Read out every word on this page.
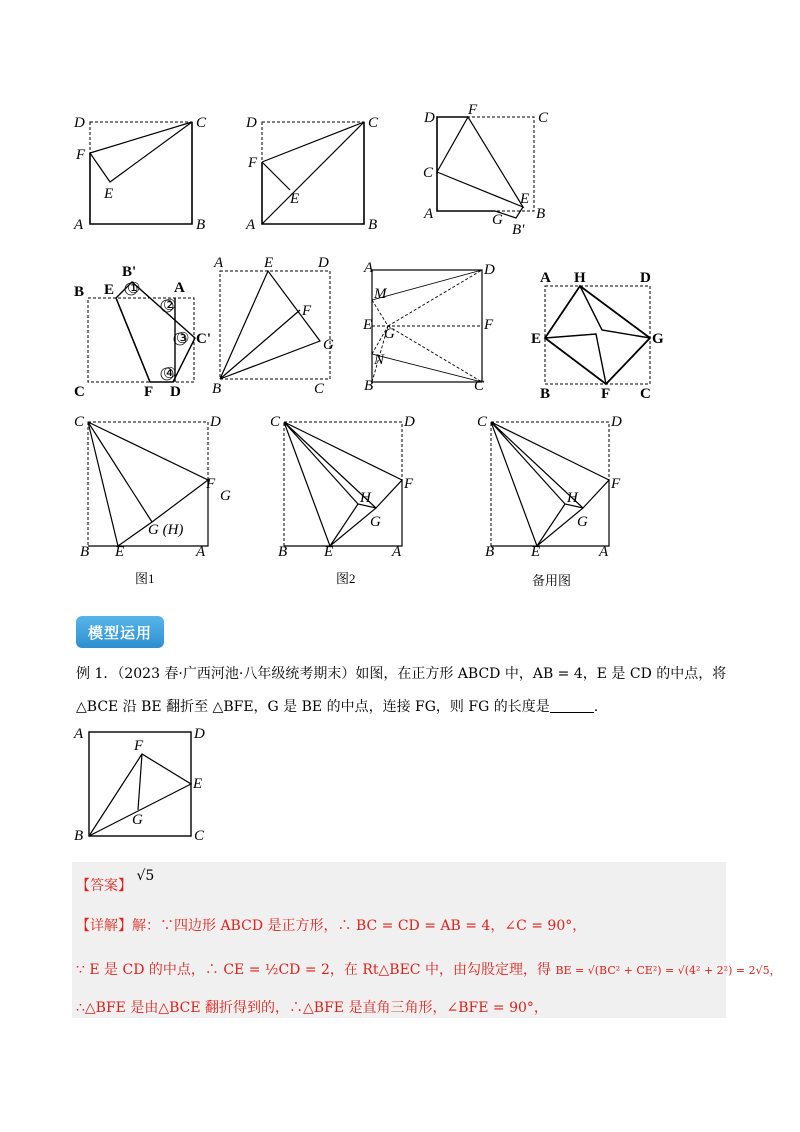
D	C
F
E
A	B
D	C
F
E
A	B
D F	C
C
E
A	G B
B'
B'
E	A
B
②
①
③ C'
④
C	F D
A	E	D
F
G
B	C
A	D
M
E
G
F
N
B	C
A H	D
E	G
B	F C
C	D
F
G
G (H)
B E	A
C	D
F
H
G
B E	A
C	D
F
H
G
B E	A
图1	图2	备用图
模型运用
例 1．（2023 春·广西河池·八年级统考期末）如图，在正方形 ABCD 中，AB = 4，E 是 CD 的中点，将
△BCE 沿 BE 翻折至 △BFE，G 是 BE 的中点，连接 FG，则 FG 的长度是	.
A	D
F
E
G
B	C
【答案】 √5
【详解】解：∵四边形 ABCD 是正方形，∴ BC = CD = AB = 4，∠C = 90°，
∵ E 是 CD 的中点，∴ CE = ½CD = 2，在 Rt△BEC 中，由勾股定理，得 BE = √(BC² + CE²) = √(4² + 2²) = 2√5，
∴△BFE 是由△BCE 翻折得到的，∴△BFE 是直角三角形，∠BFE = 90°，
